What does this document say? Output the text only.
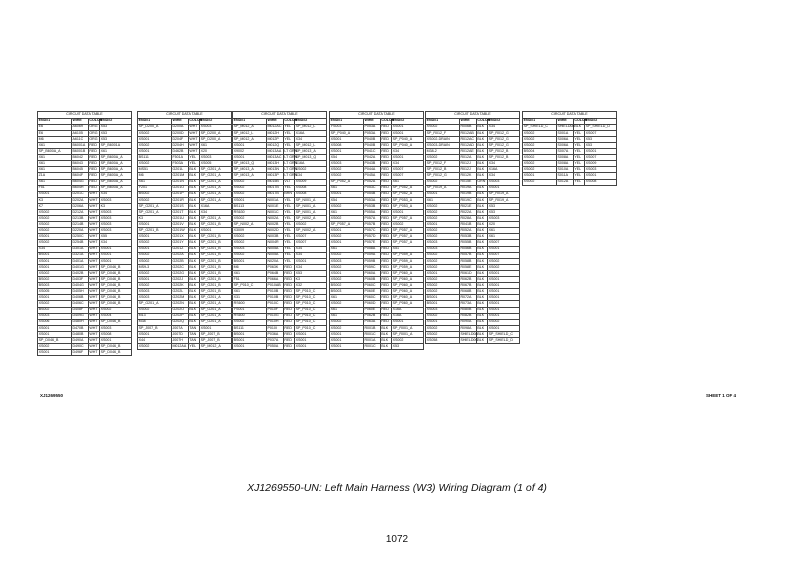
CIRCUIT DATA TABLE
END#1	WIRE	COLOR	END#2
E6	A6069	ORG	X53
E6	A6105	ORG	X53
M6	A611C	ORG	X53
X61	B6001A	RED	SP_B6001A
SP_B600A_A	B6001B	RED	X61
X61	B6042	RED	SP_B600A_A
X61	B6043	RED	SP_B600A_A
X61	B6045	RED	SP_B600A_A
Z1A	B604F	RED	SP_B600A_A
X61	B604G	RED	SP_B600A_A
F51	B604H	RED	SP_B600A_A
XS001	D201C	WHT	X34
K3	D202A	WHT	XS003
K7	D206A	WHT	K3
XS002	D212A	WHT	XS003
XS002	D213B	WHT	XS003
XS002	D214B	WHT	XS003
XS002	D220A	WHT	XS003
XS001	D250C	WHT	X55
XS002	D254B	WHT	X34
X34	D301A	WHT	XS001
BS001	D321A	WHT	XS001
XS001	D401A	WHT	XS001
XS001	D401G	WHT	SP_D046_B
XS002	D402B	WHT	SP_D046_B
BS002	D403F	WHT	SP_D046_B
BS003	D404G	WHT	SP_D046_B
XS005	D405H	WHT	SP_D046_B
XS001	D406B	WHT	SP_D046_B
XS002	D406C	WHT	SP_D046_B
BS002	D408F	WHT	XS002
XS003	D409G	WHT	XS004
XS006	D480H	WHT	SP_D046_B
XS001	D470B	WHT	XS003
XS001	D480B	WHT	XS008
SP_D046_B	D490A	WHT	XS001
XS002	D490C	WHT	SP_D046_B
XS001	D496F	WHT	SP_D046_B
CIRCUIT DATA TABLE
END#1	WIRE	COLOR	END#2
SP_D200_A	D200A	WHT	XS003
XS002	D200D	WHT	SP_D200_A
XS001	D204F	WHT	SP_D200_A
XS002	D204H	WHT	X61
XS001	D462B	WHT	X20
BS111	F501A	YEL	XS003
XS002	F503A	YEL	XS005
MS51	G201L	BLK	SP_G201_A
M6	G201M	BLK	SP_G201_A
X61	G201N	BLK	SP_G201_A
Y201	G201O	BLK	SP_G201_A
BS002	G201P	BLK	SP_G201_A
XS002	G201R	BLK	SP_G201_A
SP_G201_A	G201S	BLK	X16A
SP_G201_A	G201T	BLK	X34
K3	G201U	BLK	SP_G201_A
XS001	G201V	BLK	SP_G201_B
SP_G201_B	G201W	BLK	XS001
XS001	G201X	BLK	SP_G201_B
XS002	G201Y	BLK	SP_G201_B
XS001	G201Z	BLK	SP_G201_B
XS002	G202A	BLK	SP_G201_B
XS002	G202B	BLK	SP_G201_B
MS9-3	G202C	BLK	SP_G201_B
XS002	G202G	BLK	SP_G201_B
XS001	G202J	BLK	SP_G201_B
XS002	G202K	BLK	SP_G201_B
XS003	G202L	BLK	SP_G201_B
XS003	G202M	BLK	SP_G201_A
SP_G201_A	G202N	BLK	SP_G201_A
XS002	G202O	BLK	SP_G201_A
M13	G202P	BLK	SP_G201_A
M38	G202Q	BLK	SP_G201_A
SP_J007_B	J007A	TAN	XS001
XS001	J007D	TAN	SP_J007_B
X44	J007H	TAN	SP_J007_B
XS002	M012AA	YEL	SP_M012_A
CIRCUIT DATA TABLE
END#1	WIRE	COLOR	END#2
SP_M012_A	M012AC	YEL	SP_M012_L
SP_M012_L	M012H	YEL	X16A
SP_M012_A	M012P	YEL	X34
XS001	M012Q	YEL	SP_M012_L
X9002	M013AA	LT GRN	SP_M013_A
XS001	M013AC	LT GRN	SP_M013_Q
SP_M013_Q	M013H	LT GRN	X16A
SP_M013_A	M013N	LT GRN	XS002
SP_M013_A	M013P	LT GRN	X34
XS002	M015B	VLT	XS009
XS002	M017B	YEL	XS008
XS002	M017B	BRN	XS008
XS001	N001A	YEL	SP_N001_A
BS113	N001E	YEL	SP_N001_A
RS630	N001C	YEL	SP_N001_A
XS002	N002A	YEL	SP_N002_A
SP_N002_A	N002B	YEL	XS002
X3009	N002D	YEL	SP_N002_A
XS002	N003B	YEL	XS007
XS002	N004R	YEL	XS007
XS003	N005A	YEL	X34
XS002	N005A	YEL	X34
BS001	N020A	YEL	XS001
M6	P063K	RED	X34
X61	P064B	RED	X53
F51	P066A	RED	K3
SP_P010_C	P010AB	RED	X32
X61	P010B	RED	SP_P010_C
X31	P010B	RED	SP_P010_C
RS600	P010C	RED	SP_P010_C
YS001	P010F	RED	SP_P010_C
RS600	P010G	RED	SP_P010_C
XS002	P010H	RED	SP_P010_C
BS111	P010I	RED	SP_P010_C
BS001	P036A	RED	XS001
BS001	P037A	RED	XS001
XS001	P050A	RED	XS001
CIRCUIT DATA TABLE
END#1	WIRE	COLOR	END#2
YS003	P053A	RED	XS001
SP_P040_A	P053A	RED	XS001
XS001	P040B	RED	SP_P040_A
XS008	P040B	RED	SP_P040_A
XS001	P041C	RED	X34
X54	P042A	RED	XS001
XS003	P043B	RED	X34
XS002	P044A	RED	XS007
XS002	P045A	RED	XS007
SP_P052_A	P052A	RED	X61
X61	P053C	RED	SP_P052_A
XS001	P054B	RED	SP_P052_A
X54	P053A	RED	SP_P053_A
XS002	P053B	RED	SP_P053_A
X61	P055A	RED	XS001
XS002	P057A	RED	SP_P057_A
SP_P057_A	P057B	RED	XS002
XS001	P057C	RED	SP_P057_A
XS002	P057D	RED	SP_P057_A
XS001	P057E	RED	SP_P057_A
X61	P058A	RED	X51
XS002	P059A	RED	SP_P059_A
XS003	P059B	RED	SP_P059_A
XS002	P059C	RED	SP_P059_A
XS001	P060A	RED	SP_P060_A
XS002	P060B	RED	SP_P060_A
BS002	P060C	RED	SP_P060_A
BS003	P060E	RED	SP_P060_A
X61	P060C	RED	SP_P060_A
XS002	P060D	RED	SP_P060_A
X61	P060E	RED	X16A
X61	P062B	RED	X16A
XS002	P063A	RED	XS001
XS002	R001B	BLK	SP_R001_A
XS001	R001C	BLK	SP_R001_A
XS001	R001A	BLK	XS002
XS001	R001C	BLK	X53
CIRCUIT DATA TABLE
END#1	WIRE	COLOR	END#2
XS002	R006B	BLK	X34
SP_R012_F	R012AB	BLK	SP_R012_G
XS002-DRAIN	R012AC	BLK	SP_R012_G
XS003-DRAIN	R012AD	BLK	SP_R012_G
M38-2	R012AE	BLK	SP_R012_B
XS002	R012A	BLK	SP_R012_B
SP_R012_F	R012J	BLK	X34
SP_R012_B	R012J	BLK	X16A
SP_R012_G	R012K	BLK	X34
XS002	R015E	GRN	XS003
SP_R019_A	R019A	BLK	XS001
XS001	R019B	BLK	SP_R019_A
X61	R019C	BLK	SP_R019_A
XS002	R021E	BLK	X53
XS002	R022A	BLK	X53
XS002	R028A	BLK	XS003
XS001	R041B	BLK	X20
XS002	R052A	BLK	X61
XS002	R053B	BLK	X61
XS003	R055B	BLK	XS007
XS003	R056B	BLK	XS001
XS002	R057B	BLK	XS007
XS002	R058B	BLK	XS002
XS002	R058E	BLK	XS002
XS001	R061D	BLK	XS001
XS002	R062B	BLK	XS001
XS002	R067B	BLK	XS001
XS002	R068B	BLK	XS001
BS001	R072A	BLK	XS001
BS001	R073A	BLK	XS001
XS003	R080B	BLK	XS001
XS002	R082B	BLK	XS001
XS001	R090A	BLK	XS002
XS002	R098A	BLK	XS001
XS002	SHIELD08	BLK	SP_SHIELD_C
XS058	SHIELD0C	BLK	SP_SHIELD_D
CIRCUIT DATA TABLE
END#1	WIRE	COLOR	END#2
SP_SHIELD_C	SHIELD08	BLK	SP_SHIELD_D
XS002	S001A	YEL	XS007
XS002	S006A	YEL	X53
XS002	S006A	YEL	X53
BS004	S007A	YEL	XS001
XS002	S008A	YEL	XS007
XS002	S008A	YEL	XS009
XS002	S010A	YEL	XS003
XS001	S011A	YEL	XS001
XS002	S012A	YEL	XS008
XJ1269550	SHEET 1 OF 4
XJ1269550-UN: Left Main Harness (W3) Wiring Diagram (1 of 4)
1072
